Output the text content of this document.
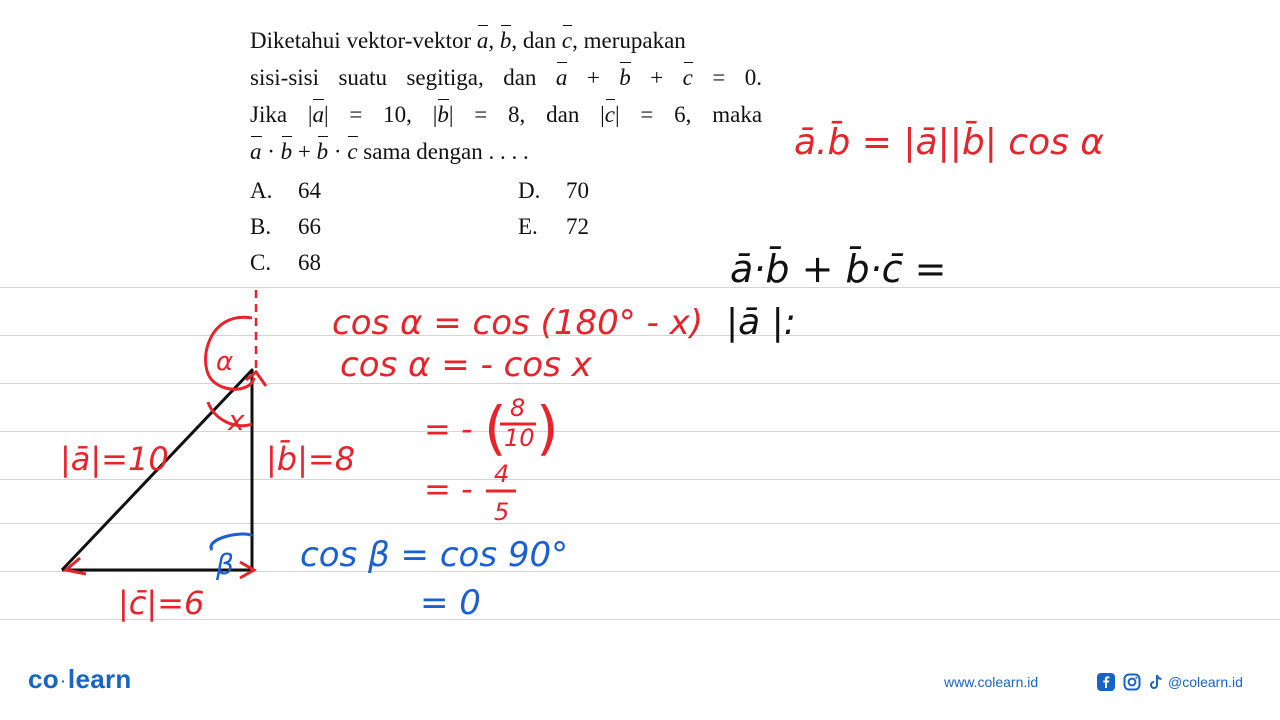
Diketahui vektor-vektor a, b, dan c, merupakan
sisi-sisi suatu segitiga, dan a + b + c = 0.
Jika |a| = 10, |b| = 8, dan |c| = 6, maka
a · b + b · c sama dengan . . . .
A. 64
B. 66
C. 68
D. 70
E. 72
ā.b̄ = |ā||b̄| cos α
ā·b̄ + b̄·c̄ =
|ā |:
cos α = cos (180° - x)
cos α = - cos x
= - ( 8
10 )
= - 4
5
cos β = cos 90°
= 0
α
x
β
|ā|=10	|b̄|=8
|c̄|=6
co ·learn	www.colearn.id	@colearn.id
